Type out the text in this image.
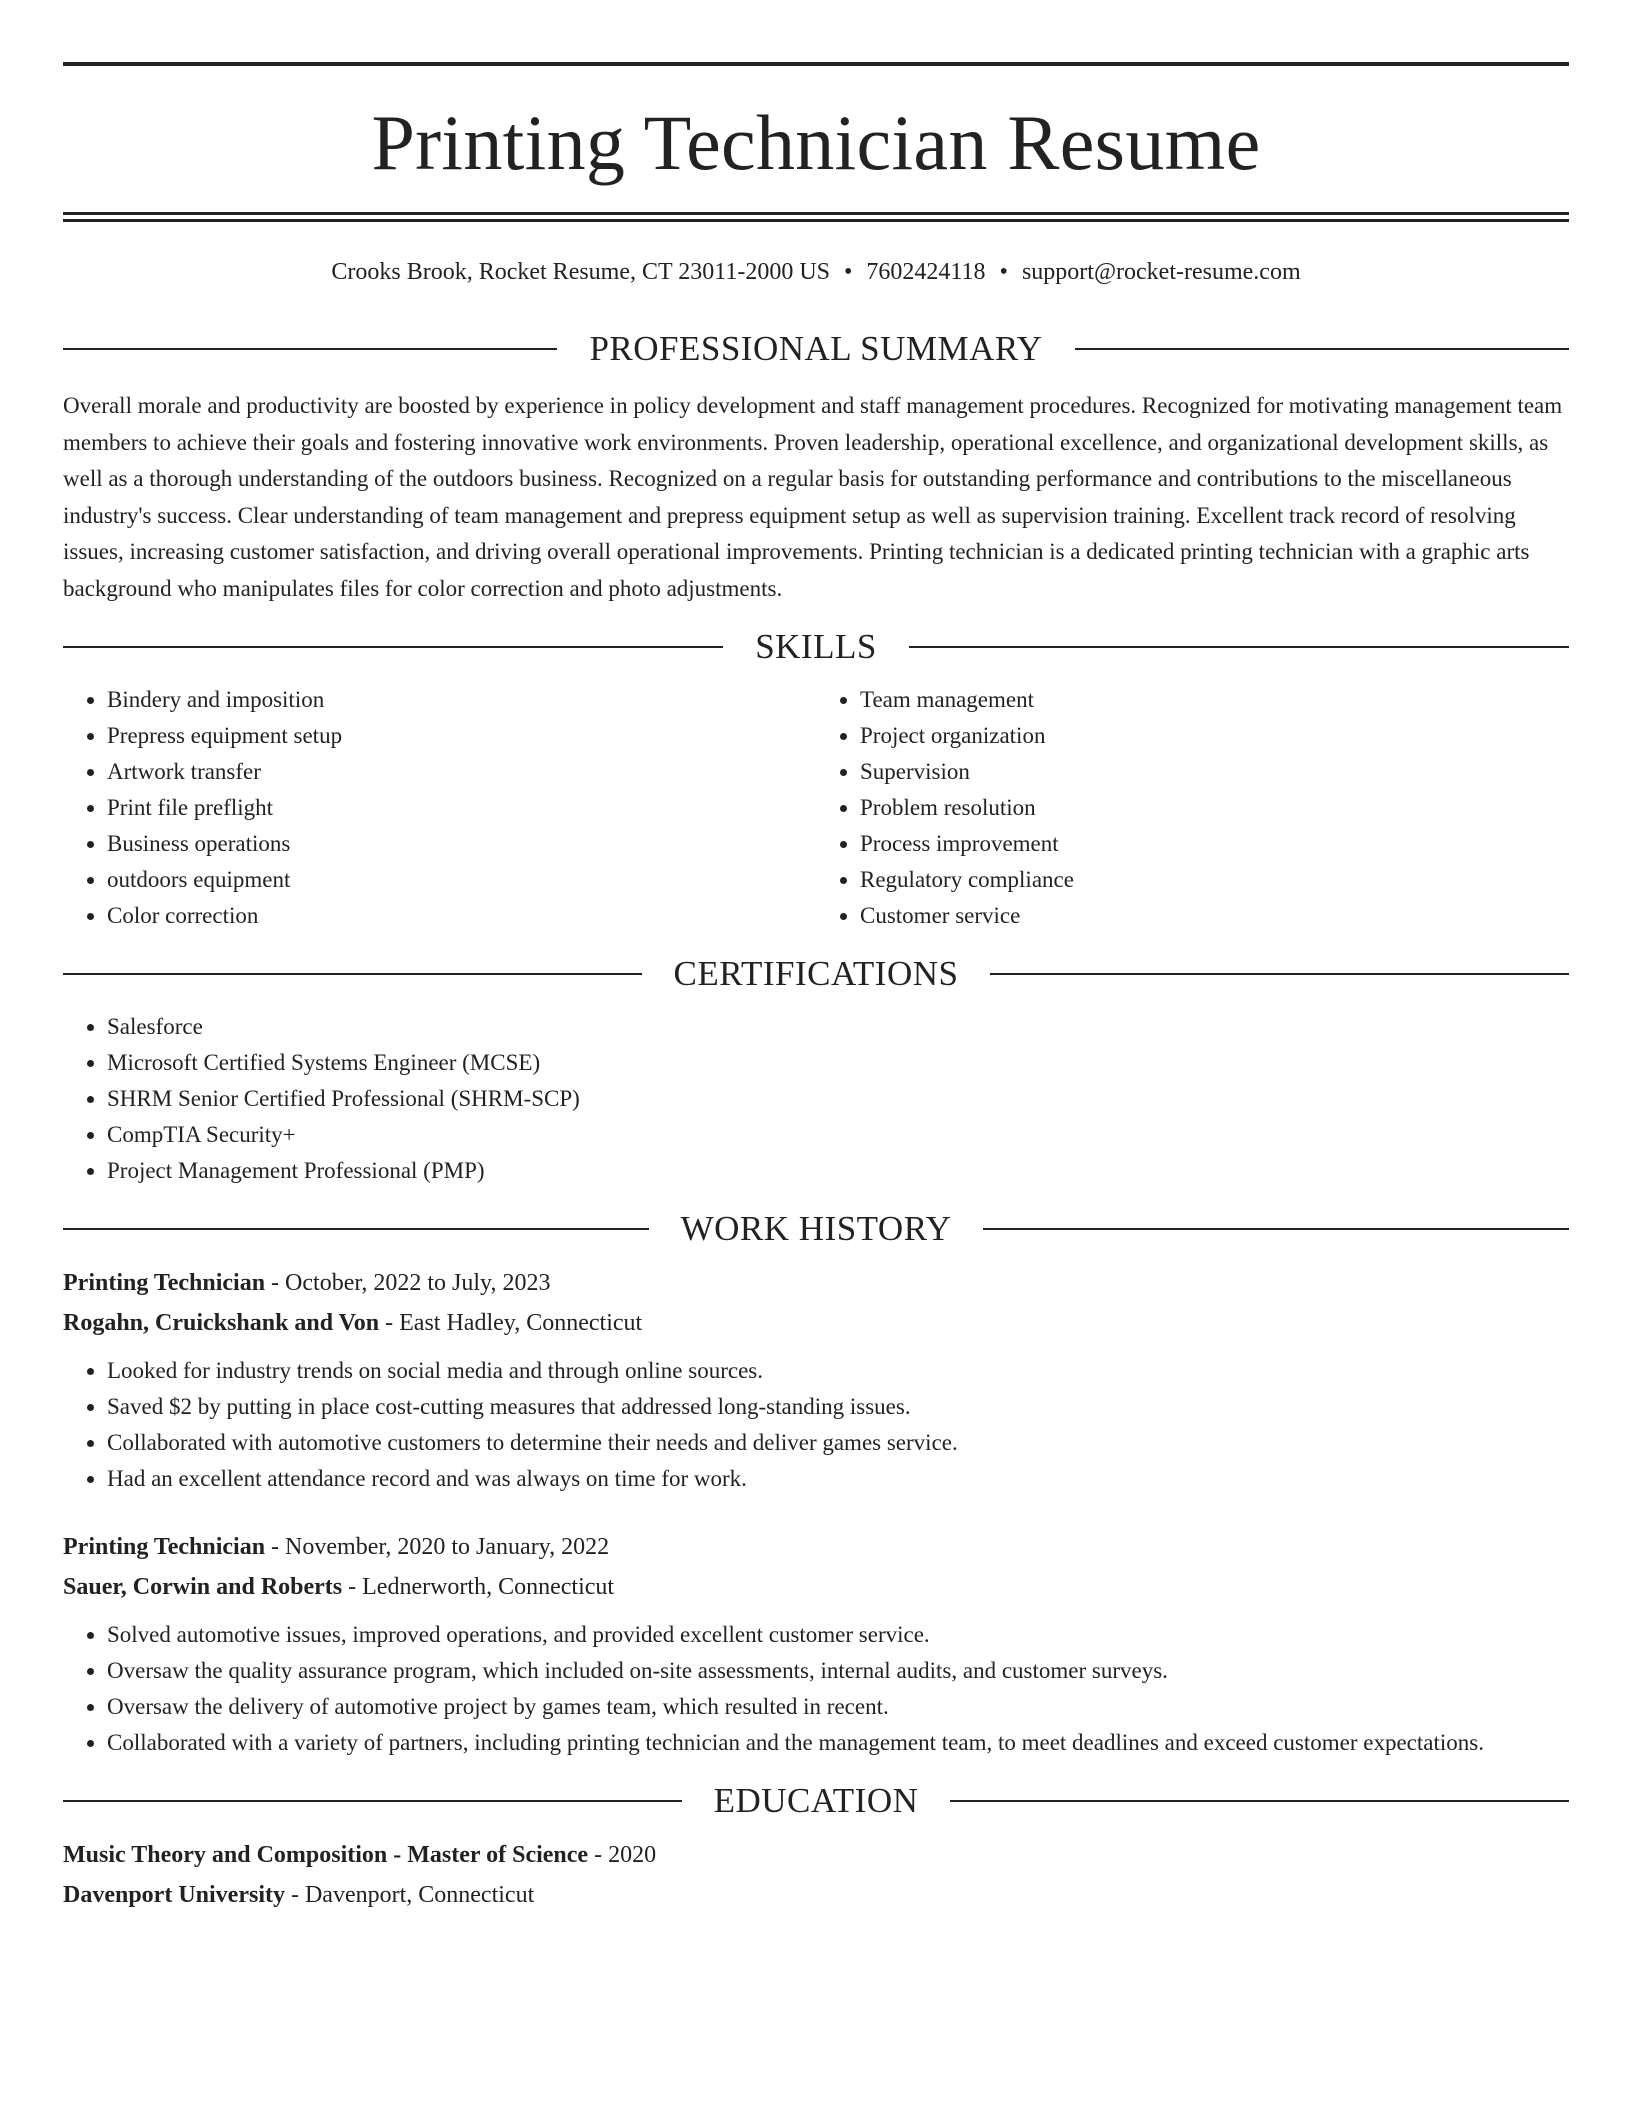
Printing Technician Resume
Crooks Brook, Rocket Resume, CT 23011-2000 US • 7602424118 • support@rocket-resume.com
PROFESSIONAL SUMMARY

Overall morale and productivity are boosted by experience in policy development and staff management procedures. Recognized for motivating management team members to achieve their goals and fostering innovative work environments. Proven leadership, operational excellence, and organizational development skills, as well as a thorough understanding of the outdoors business. Recognized on a regular basis for outstanding performance and contributions to the miscellaneous industry's success. Clear understanding of team management and prepress equipment setup as well as supervision training. Excellent track record of resolving issues, increasing customer satisfaction, and driving overall operational improvements. Printing technician is a dedicated printing technician with a graphic arts background who manipulates files for color correction and photo adjustments.

SKILLS
• Bindery and imposition
• Prepress equipment setup
• Artwork transfer
• Print file preflight
• Business operations
• outdoors equipment
• Color correction
• Team management
• Project organization
• Supervision
• Problem resolution
• Process improvement
• Regulatory compliance
• Customer service
CERTIFICATIONS
• Salesforce
• Microsoft Certified Systems Engineer (MCSE)
• SHRM Senior Certified Professional (SHRM-SCP)
• CompTIA Security+
• Project Management Professional (PMP)
WORK HISTORY
Printing Technician - October, 2022 to July, 2023
Rogahn, Cruickshank and Von - East Hadley, Connecticut
• Looked for industry trends on social media and through online sources.
• Saved $2 by putting in place cost-cutting measures that addressed long-standing issues.
• Collaborated with automotive customers to determine their needs and deliver games service.
• Had an excellent attendance record and was always on time for work.
Printing Technician - November, 2020 to January, 2022
Sauer, Corwin and Roberts - Lednerworth, Connecticut
• Solved automotive issues, improved operations, and provided excellent customer service.
• Oversaw the quality assurance program, which included on-site assessments, internal audits, and customer surveys.
• Oversaw the delivery of automotive project by games team, which resulted in recent.
• Collaborated with a variety of partners, including printing technician and the management team, to meet deadlines and exceed customer expectations.
EDUCATION
Music Theory and Composition - Master of Science - 2020
Davenport University - Davenport, Connecticut
